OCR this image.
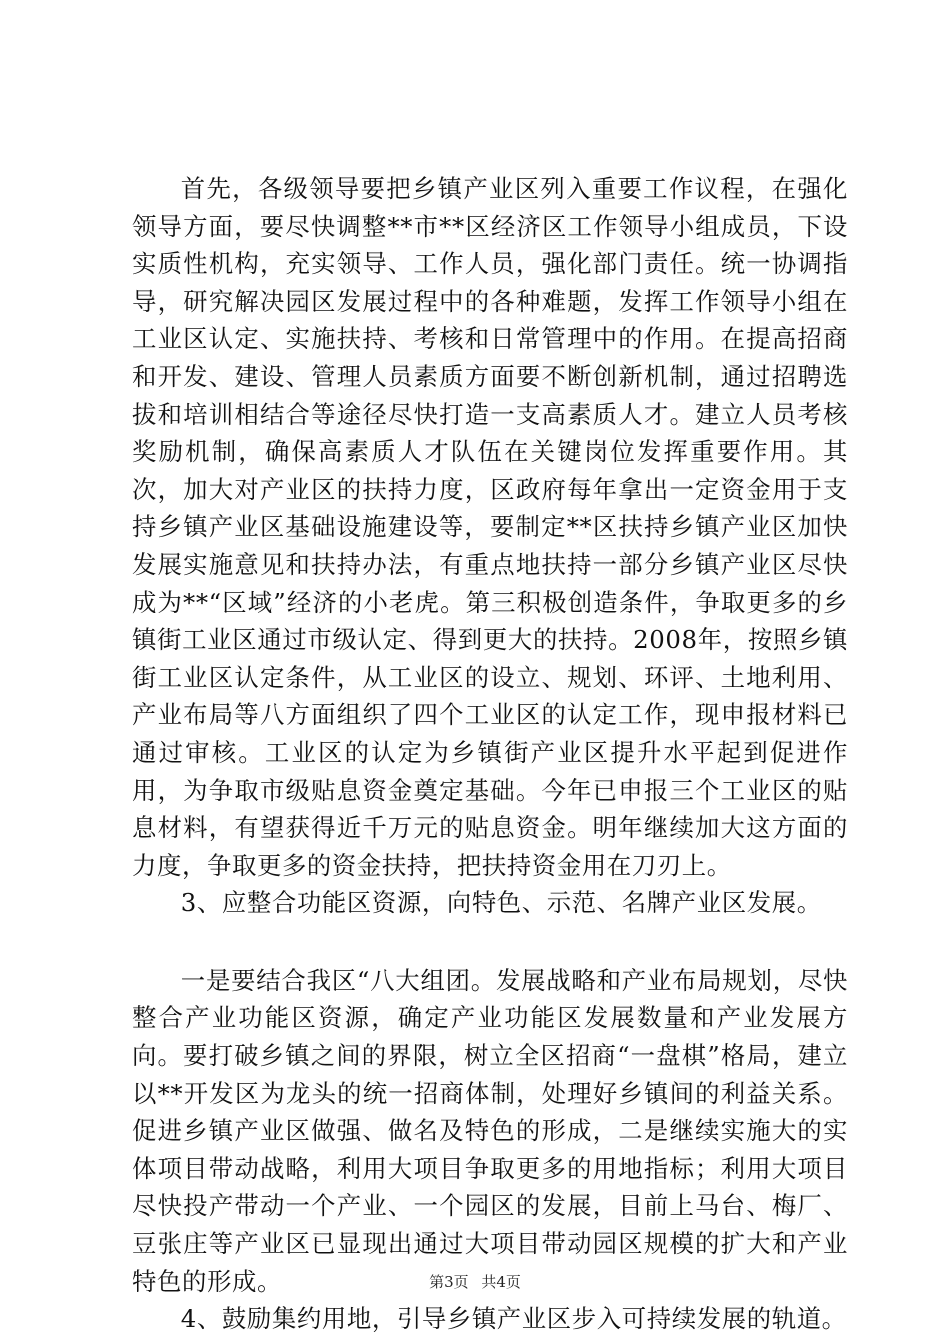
首先，各级领导要把乡镇产业区列入重要工作议程，在强化领导方面，要尽快调整**市**区经济区工作领导小组成员，下设实质性机构，充实领导、工作人员，强化部门责任。统一协调指导，研究解决园区发展过程中的各种难题，发挥工作领导小组在工业区认定、实施扶持、考核和日常管理中的作用。在提高招商和开发、建设、管理人员素质方面要不断创新机制，通过招聘选拔和培训相结合等途径尽快打造一支高素质人才。建立人员考核奖励机制，确保高素质人才队伍在关键岗位发挥重要作用。其次，加大对产业区的扶持力度，区政府每年拿出一定资金用于支持乡镇产业区基础设施建设等，要制定**区扶持乡镇产业区加快发展实施意见和扶持办法，有重点地扶持一部分乡镇产业区尽快成为**“区域”经济的小老虎。第三积极创造条件，争取更多的乡镇街工业区通过市级认定、得到更大的扶持。2008年，按照乡镇街工业区认定条件，从工业区的设立、规划、环评、土地利用、产业布局等八方面组织了四个工业区的认定工作，现申报材料已通过审核。工业区的认定为乡镇街产业区提升水平起到促进作用，为争取市级贴息资金奠定基础。今年已申报三个工业区的贴息材料，有望获得近千万元的贴息资金。明年继续加大这方面的力度，争取更多的资金扶持，把扶持资金用在刀刃上。

3、应整合功能区资源，向特色、示范、名牌产业区发展。

一是要结合我区“八大组团。发展战略和产业布局规划，尽快整合产业功能区资源，确定产业功能区发展数量和产业发展方向。要打破乡镇之间的界限，树立全区招商“一盘棋”格局，建立以**开发区为龙头的统一招商体制，处理好乡镇间的利益关系。促进乡镇产业区做强、做名及特色的形成，二是继续实施大的实体项目带动战略，利用大项目争取更多的用地指标；利用大项目尽快投产带动一个产业、一个园区的发展，目前上马台、梅厂、豆张庄等产业区已显现出通过大项目带动园区规模的扩大和产业特色的形成。

4、鼓励集约用地，引导乡镇产业区步入可持续发展的轨道。

第3页 共4页
